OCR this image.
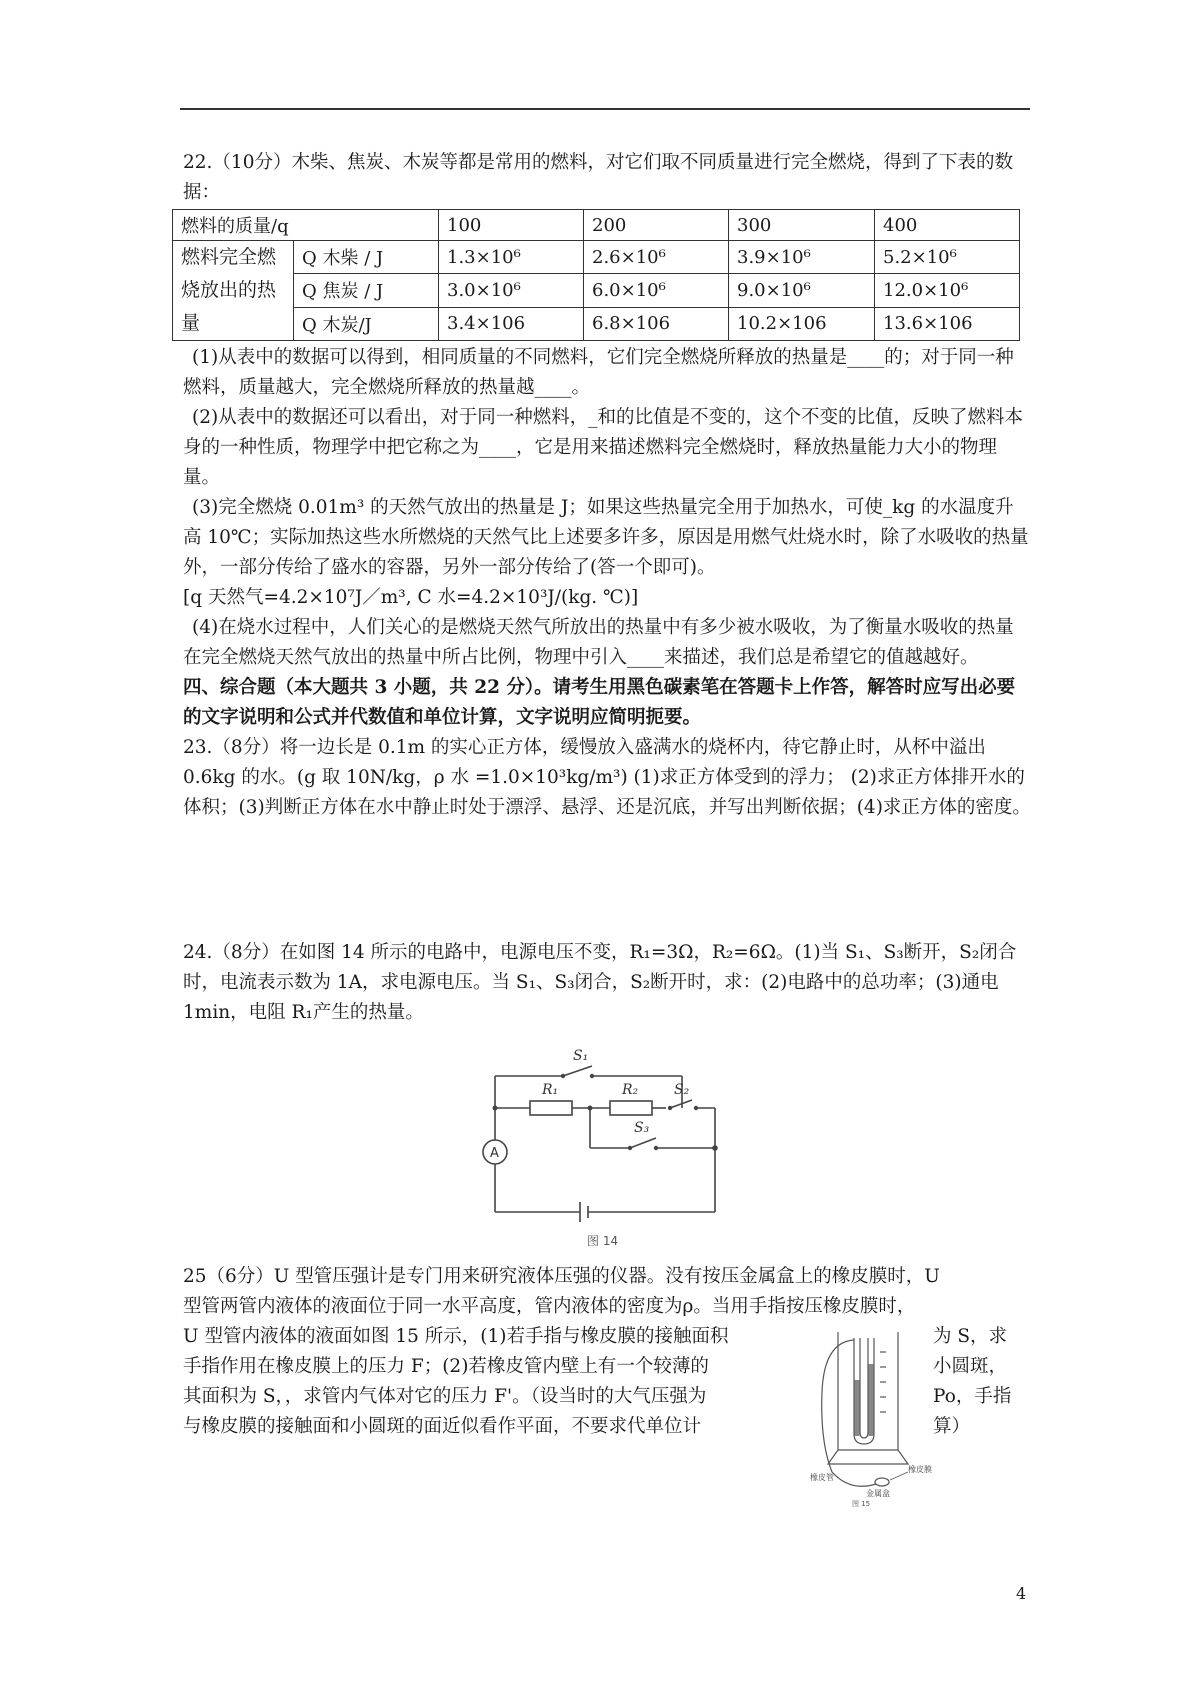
22.（10分）木柴、焦炭、木炭等都是常用的燃料，对它们取不同质量进行完全燃烧，得到了下表的数据：

燃料的质量/q		100	200	300	400
燃料完全燃烧放出的热量	Q 木柴 / J	1.3×10⁶	2.6×10⁶	3.9×10⁶	5.2×10⁶
	Q 焦炭 / J	3.0×10⁶	6.0×10⁶	9.0×10⁶	12.0×10⁶
	Q 木炭/J	3.4×106	6.8×106	10.2×106	13.6×106

(1)从表中的数据可以得到，相同质量的不同燃料，它们完全燃烧所释放的热量是____的；对于同一种燃料，质量越大，完全燃烧所释放的热量越____。

(2)从表中的数据还可以看出，对于同一种燃料，_和的比值是不变的，这个不变的比值，反映了燃料本身的一种性质，物理学中把它称之为____，它是用来描述燃料完全燃烧时，释放热量能力大小的物理量。

(3)完全燃烧 0.01m³ 的天然气放出的热量是 J；如果这些热量完全用于加热水，可使_kg 的水温度升高 10℃；实际加热这些水所燃烧的天然气比上述要多许多，原因是用燃气灶烧水时，除了水吸收的热量外，一部分传给了盛水的容器，另外一部分传给了(答一个即可)。

[q 天然气=4.2×10⁷J／m³, C 水=4.2×10³J/(kg. ℃)]

(4)在烧水过程中，人们关心的是燃烧天然气所放出的热量中有多少被水吸收，为了衡量水吸收的热量在完全燃烧天然气放出的热量中所占比例，物理中引入____来描述，我们总是希望它的值越越好。

四、综合题（本大题共 3 小题，共 22 分）。请考生用黑色碳素笔在答题卡上作答，解答时应写出必要的文字说明和公式并代数值和单位计算，文字说明应简明扼要。

23.（8分）将一边长是 0.1m 的实心正方体，缓慢放入盛满水的烧杯内，待它静止时，从杯中溢出 0.6kg 的水。(g 取 10N/kg，ρ 水 =1.0×10³kg/m³) (1)求正方体受到的浮力； (2)求正方体排开水的体积；(3)判断正方体在水中静止时处于漂浮、悬浮、还是沉底，并写出判断依据；(4)求正方体的密度。

24.（8分）在如图 14 所示的电路中，电源电压不变，R₁=3Ω，R₂=6Ω。(1)当 S₁、S₃断开，S₂闭合时，电流表示数为 1A，求电源电压。当 S₁、S₃闭合，S₂断开时，求：(2)电路中的总功率；(3)通电 1min，电阻 R₁产生的热量。

S₁
R₁	R₂	S₂
S₃
A
图 14
25（6分）U 型管压强计是专门用来研究液体压强的仪器。没有按压金属盒上的橡皮膜时，U
型管两管内液体的液面位于同一水平高度，管内液体的密度为ρ。当用手指按压橡皮膜时，
U 型管内液体的液面如图 15 所示，(1)若手指与橡皮膜的接触面积	为 S，求
手指作用在橡皮膜上的压力 F；(2)若橡皮管内壁上有一个较薄的	小圆斑，
其面积为 S，，求管内气体对它的压力 F'。（设当时的大气压强为	Po，手指
与橡皮膜的接触面和小圆斑的面近似看作平面，不要求代单位计	算）
橡皮膜
橡皮管
金属盒
图 15
4
